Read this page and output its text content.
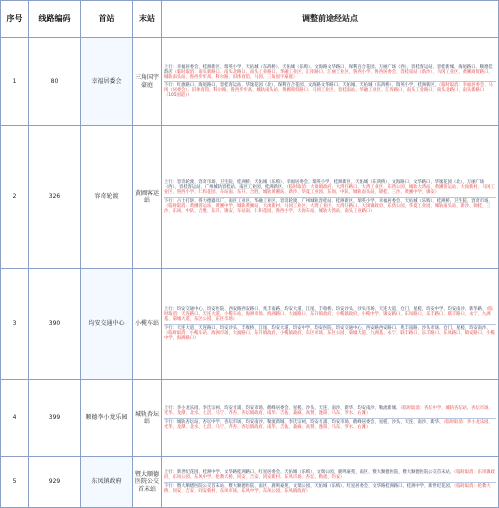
序号	线路编码	首站	末站	调整前途经站点
1	80	幸福居委会	三角国宇豪庭	上行：幸福居委会、桂洲新区、瑞英小学、天佑城（东鸿桥）、天佑城（乐购）、文海路文华路口、保利百合花园、万丽广场（西）、容桂客运站、容桂新城、海尾路口、顺德佳韵店（临时取消：南头新路口、南头北路口、南头工业路口、华融工业区、汇库路口、汇丽工业区、鲁西小学、鲁西居委会、容桂南站（新沙）、马冈工业区、黄圃商贸路口、城轨南头站、鲁西步步高、科尔路、旧体育馆、马冈、三角国宇豪庭）

下行：红旗路口、海尾路口、容桂客运站、华逸花园（北）、保利百合花园、文海路文华路口、天佑城、天佑城（东鸿桥）、瑞英小学、桂洲新区、（临时取消：幸福居委会、马冈（居委会）、旧体育馆、科尔路、鲁西步步高、城轨南头站、黄圃商贸路口、马冈工业区、容桂南站、华融工业区、汇库路口、南头工业路口、南头北路口、南头新路口（105国道））

2	326	容奇轮渡	黄圃客运站	上行：容奇轮渡、容奇市场、卫生院、桂洲桥、天佑城（乐购）、幸福居委会、瑞英小学、桂洲新区、天佑城（东鸿桥）、文海路口、文华路口、华逸花园（北）、万丽广场（西）、容桂客运站、广州城轨容桂站、南区工业园、桂洲新区、（临时取消：大岗镇政府、大湾仔路口、大湾工业区、东湾公园、城轨大湾站、黄圃客运站、大岗新村、马冈工业区、鲁西小学、仁和花园、车站南、东升、合胜、城轨黄圃站、新沙、华夏工业园、东岗、中队、城轨南头站、锦桂、三沙、黄圃中学、镇安）

下行：占士打饼、得力德器具厂、南区工业区、华融工业区、容奇轮渡、广州城轨容桂站、桂洲新区、瑞英小学、幸福居委会、天佑城（乐购）、桂洲桥、卫生院、容奇市场、（临时取消：黄圃客运站、黄圃中学、城轨黄圃站、大岗新村、马冈工业区、大湾工业区、大湾仔路口、大岗镇政府、东湾公园、华夏工业园、城轨南头站、新沙、锦桂、三沙、东岗、中队、合胜、东升、镇安、车站南、仁和花园、鲁西小学、大岗车站、城轨大湾站、南头工业路口）

3	390	均安交通中心	小榄车站	上行：均安交通中心、均安医院、西安路西安路口、兆丰南路、均安大道、江尾、丰收桥、均安沙头、沙头市场、天连大道、仓门、星槎、均安中学、均安南沙、新华路、（临时取消：天连路口、天连大道、小榄车站、海洲市场、海洲路口、大涌路口、东升镇政府、小榄镇政府、小榄中学、镇安路口、东凤路口、乐丰路口、联丰路口、永宁、九洲基、菊城大道、东区公园、东区市场）

下行：天连大道、天连路口、均安沙头、丰收桥、江尾、均安大道、均安中学、均安医院、均安交通中心、西安路西安路口、兆丰南路、沙头市场、仓门、星槎、均安南沙、（临时取消：小榄车站、海洲市场、大涌路口、东升镇政府、小榄镇政府、东区市场、东区公园、菊城大道、九洲基、永宁、联丰路口、乐丰路口、东凤路口、镇安路口、小榄中学、海洲路口）

4	399	顺德李小龙乐园	城轨杏坛站	上行：李小龙乐园、李氏宗祠、均安豸浦、均安市场、鹤峰居委会、星槎、沙头、天连、南沙、新华、均安南沙、勒流新城、（临时取消：杏坛中学、城轨杏坛站、杏坛市场、光华、龙潭、北水、七滘、马宁、齐杏、杏坛镇政府、南华、吉佑、桑麻、高赞、逢简、马东、罗水、右滩）

下行：城轨杏坛站、杏坛中学、杏坛市场、均安南沙、勒流新城、李氏宗祠、均安豸浦、均安市场、鹤峰居委会、星槎、沙头、天连、南沙、新华、（临时取消：李小龙乐园、光华、龙潭、北水、七滘、马宁、齐杏、杏坛镇政府、南华、吉佑、桑麻、高赞、逢简、马东、罗水、右滩）

5	929	东凤镇政府	暨大顺德医院公交首末站	上行：新世纪花园、桂洲中学、文华路桂洲路口、红星居委会、天佑城（乐购）、文瑞公园、鹿鸣豪苑、南区、暨大顺德医院、暨大顺德医院公交首末站、（临时取消：东凤镇政府、东凤公园、东风中学、伦教大桥、同安、吉安、同安新村、东凤市场、杏坛、勒流、均安）

下行：暨大顺德医院公交首末站、暨大顺德医院、南区、鹿鸣豪苑、文瑞公园、天佑城（乐购）、红星居委会、文华路桂洲路口、桂洲中学、新世纪花园、（临时取消：伦教大桥、同安、吉安、同安新村、东凤市场、东风中学、东凤公园、东凤镇政府）
